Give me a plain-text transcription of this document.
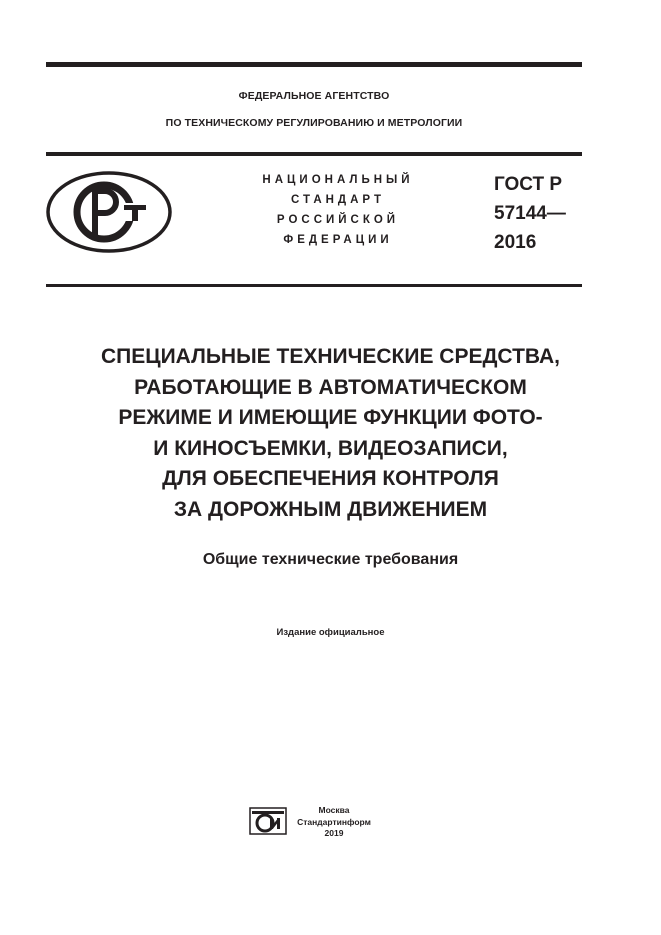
ФЕДЕРАЛЬНОЕ АГЕНТСТВО
ПО ТЕХНИЧЕСКОМУ РЕГУЛИРОВАНИЮ И МЕТРОЛОГИИ
НАЦИОНАЛЬНЫЙ
СТАНДАРТ
РОССИЙСКОЙ
ФЕДЕРАЦИИ
ГОСТ Р
57144—
2016
СПЕЦИАЛЬНЫЕ ТЕХНИЧЕСКИЕ СРЕДСТВА,
РАБОТАЮЩИЕ В АВТОМАТИЧЕСКОМ
РЕЖИМЕ И ИМЕЮЩИЕ ФУНКЦИИ ФОТО-
И КИНОСЪЕМКИ, ВИДЕОЗАПИСИ,
ДЛЯ ОБЕСПЕЧЕНИЯ КОНТРОЛЯ
ЗА ДОРОЖНЫМ ДВИЖЕНИЕМ
Общие технические требования
Издание официальное
Москва
Стандартинформ
2019
